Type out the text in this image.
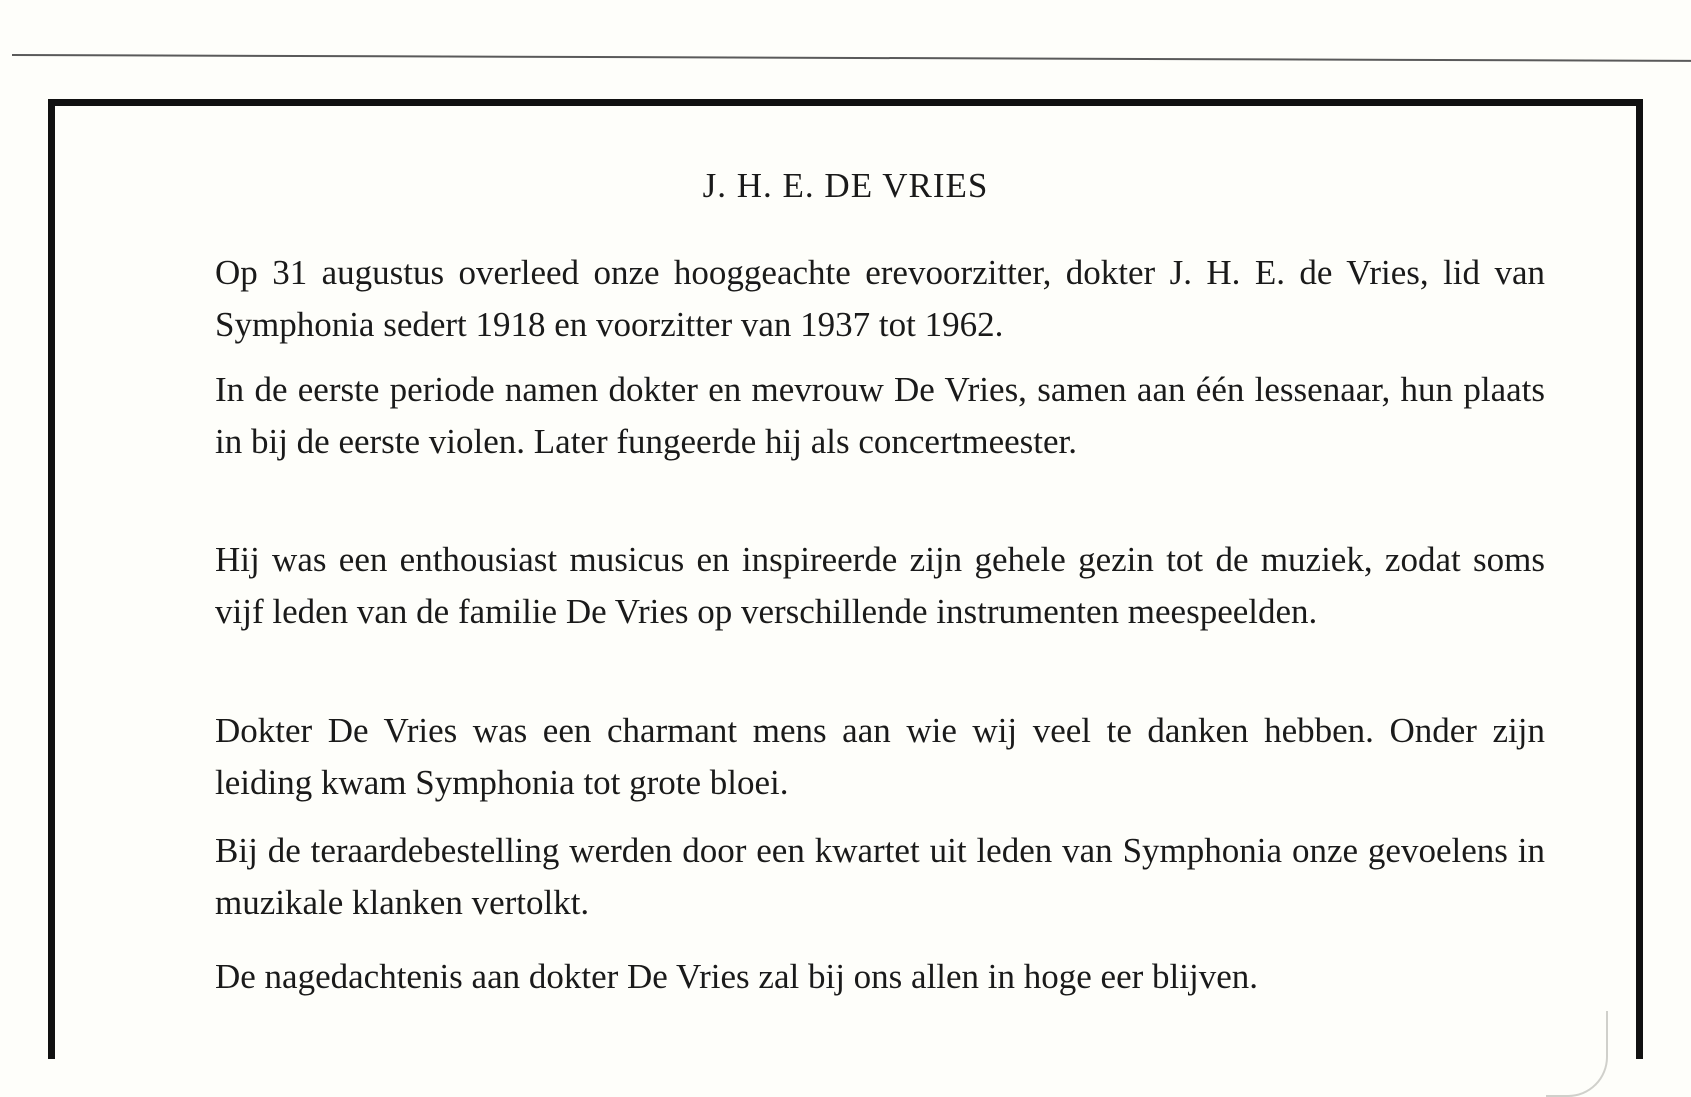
J. H. E. DE VRIES

Op 31 augustus overleed onze hooggeachte erevoorzitter, dokter J. H. E. de Vries, lid van Symphonia sedert 1918 en voorzitter van 1937 tot 1962.

In de eerste periode namen dokter en mevrouw De Vries, samen aan één lessenaar, hun plaats in bij de eerste violen. Later fungeerde hij als concertmeester.

Hij was een enthousiast musicus en inspireerde zijn gehele gezin tot de muziek, zodat soms vijf leden van de familie De Vries op verschillende instrumenten meespeelden.

Dokter De Vries was een charmant mens aan wie wij veel te danken hebben. Onder zijn leiding kwam Symphonia tot grote bloei.

Bij de teraardebestelling werden door een kwartet uit leden van Symphonia onze gevoelens in muzikale klanken vertolkt.

De nagedachtenis aan dokter De Vries zal bij ons allen in hoge eer blijven.
